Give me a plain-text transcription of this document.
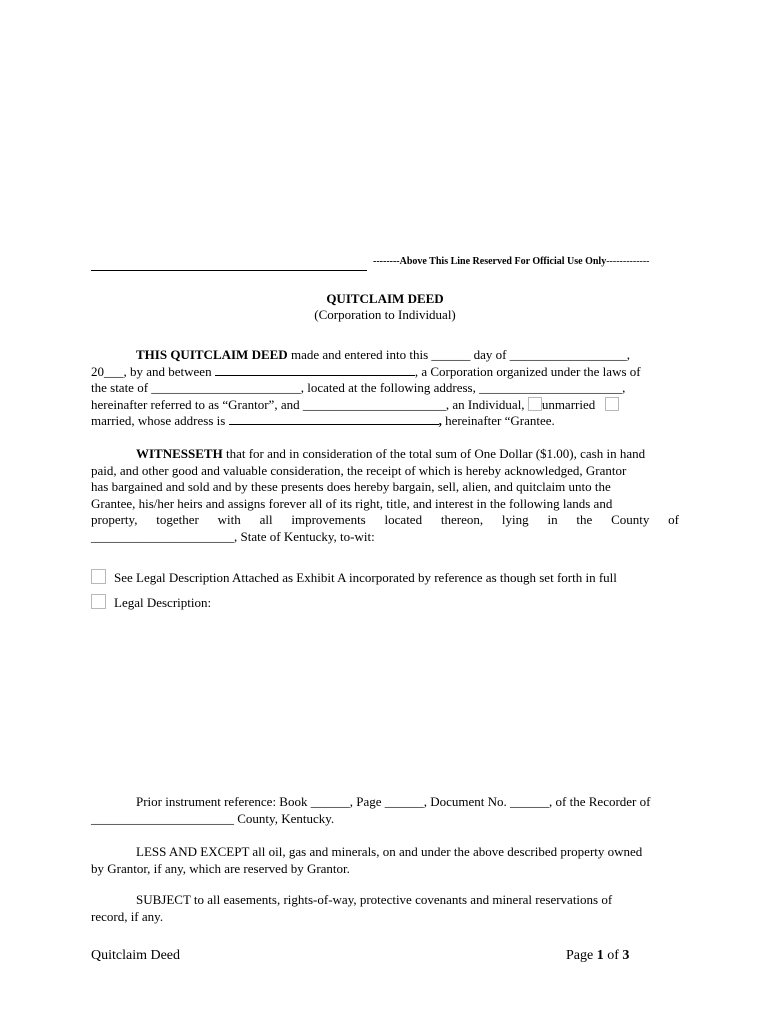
--------Above This Line Reserved For Official Use Only-------------
QUITCLAIM DEED
(Corporation to Individual)
THIS QUITCLAIM DEED made and entered into this ______ day of __________________,
20___, by and between	, a Corporation organized under the laws of
the state of _______________________, located at the following address, ______________________,
hereinafter referred to as “Grantor”, and ______________________, an Individual, unmarried
married, whose address is	, hereinafter “Grantee.
WITNESSETH that for and in consideration of the total sum of One Dollar ($1.00), cash in hand
paid, and other good and valuable consideration, the receipt of which is hereby acknowledged, Grantor
has bargained and sold and by these presents does hereby bargain, sell, alien, and quitclaim unto the
Grantee, his/her heirs and assigns forever all of its right, title, and interest in the following lands and
property, together with all improvements located thereon, lying in the County of
______________________, State of Kentucky, to-wit:
See Legal Description Attached as Exhibit A incorporated by reference as though set forth in full
Legal Description:
Prior instrument reference: Book ______, Page ______, Document No. ______, of the Recorder of
______________________ County, Kentucky.
LESS AND EXCEPT all oil, gas and minerals, on and under the above described property owned
by Grantor, if any, which are reserved by Grantor.
SUBJECT to all easements, rights-of-way, protective covenants and mineral reservations of
record, if any.
Quitclaim Deed	Page 1 of 3
